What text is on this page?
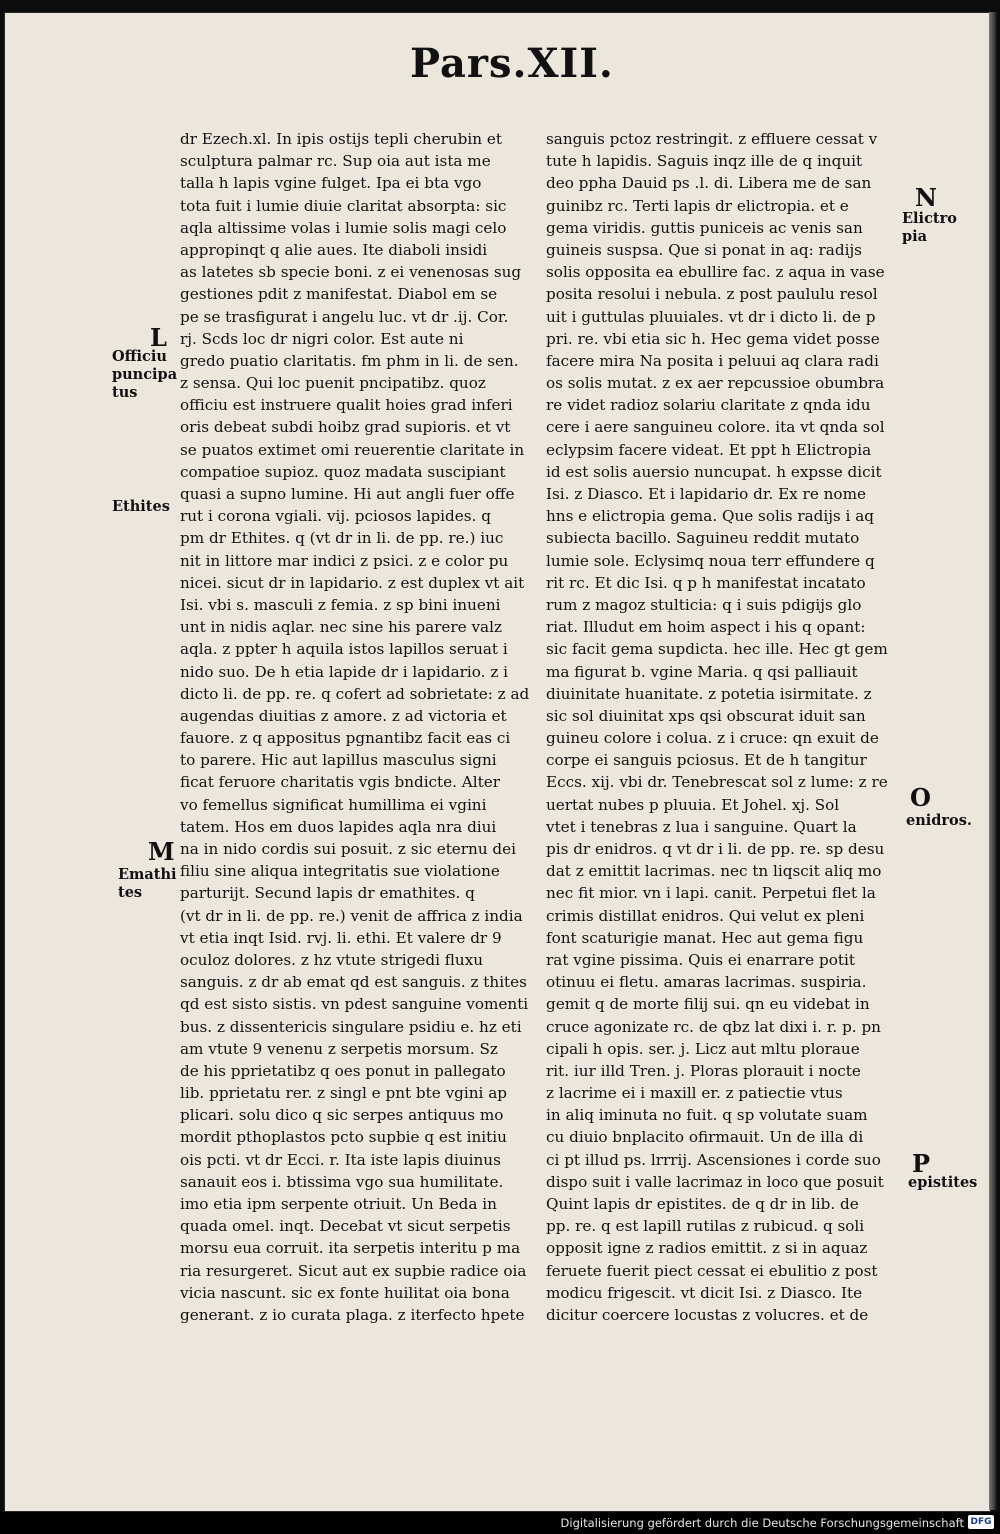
Pars.XII.
dr Ezech.xl. In ipis ostijs tepli cherubin et
sculptura palmar rc. Sup oia aut ista me
talla h lapis vgine fulget. Ipa ei bta vgo
tota fuit i lumie diuie claritat absorpta: sic
aqla altissime volas i lumie solis magi celo
appropinqt q alie aues. Ite diaboli insidi
as latetes sb specie boni. z ei venenosas sug
gestiones pdit z manifestat. Diabol em se
pe se trasfigurat i angelu luc. vt dr .ij. Cor.
rj. Scds loc dr nigri color. Est aute ni
gredo puatio claritatis. fm phm in li. de sen.
z sensa. Qui loc puenit pncipatibz. quoz
officiu est instruere qualit hoies grad inferi
oris debeat subdi hoibz grad supioris. et vt
se puatos extimet omi reuerentie claritate in
compatioe supioz. quoz madata suscipiant
quasi a supno lumine. Hi aut angli fuer offe
rut i corona vgiali. vij. pciosos lapides. q
pm dr Ethites. q (vt dr in li. de pp. re.) iuc
nit in littore mar indici z psici. z e color pu
nicei. sicut dr in lapidario. z est duplex vt ait
Isi. vbi s. masculi z femia. z sp bini inueni
unt in nidis aqlar. nec sine his parere valz
aqla. z ppter h aquila istos lapillos seruat i
nido suo. De h etia lapide dr i lapidario. z i
dicto li. de pp. re. q cofert ad sobrietate: z ad
augendas diuitias z amore. z ad victoria et
fauore. z q appositus pgnantibz facit eas ci
to parere. Hic aut lapillus masculus signi
ficat feruore charitatis vgis bndicte. Alter
vo femellus significat humillima ei vgini
tatem. Hos em duos lapides aqla nra diui
na in nido cordis sui posuit. z sic eternu dei
filiu sine aliqua integritatis sue violatione
parturijt. Secund lapis dr emathites. q
(vt dr in li. de pp. re.) venit de affrica z india
vt etia inqt Isid. rvj. li. ethi. Et valere dr 9
oculoz dolores. z hz vtute strigedi fluxu
sanguis. z dr ab emat qd est sanguis. z thites
qd est sisto sistis. vn pdest sanguine vomenti
bus. z dissentericis singulare psidiu e. hz eti
am vtute 9 venenu z serpetis morsum. Sz
de his pprietatibz q oes ponut in pallegato
lib. pprietatu rer. z singl e pnt bte vgini ap
plicari. solu dico q sic serpes antiquus mo
mordit pthoplastos pcto supbie q est initiu
ois pcti. vt dr Ecci. r. Ita iste lapis diuinus
sanauit eos i. btissima vgo sua humilitate.
imo etia ipm serpente otriuit. Un Beda in
quada omel. inqt. Decebat vt sicut serpetis
morsu eua corruit. ita serpetis interitu p ma
ria resurgeret. Sicut aut ex supbie radice oia
vicia nascunt. sic ex fonte huilitat oia bona
generant. z io curata plaga. z iterfecto hpete
sanguis pctoz restringit. z effluere cessat v
tute h lapidis. Saguis inqz ille de q inquit
deo ppha Dauid ps .l. di. Libera me de san
guinibz rc. Terti lapis dr elictropia. et e
gema viridis. guttis puniceis ac venis san
guineis suspsa. Que si ponat in aq: radijs
solis opposita ea ebullire fac. z aqua in vase
posita resolui i nebula. z post paululu resol
uit i guttulas pluuiales. vt dr i dicto li. de p
pri. re. vbi etia sic h. Hec gema videt posse
facere mira Na posita i peluui aq clara radi
os solis mutat. z ex aer repcussioe obumbra
re videt radioz solariu claritate z qnda idu
cere i aere sanguineu colore. ita vt qnda sol
eclypsim facere videat. Et ppt h Elictropia
id est solis auersio nuncupat. h expsse dicit
Isi. z Diasco. Et i lapidario dr. Ex re nome
hns e elictropia gema. Que solis radijs i aq
subiecta bacillo. Saguineu reddit mutato
lumie sole. Eclysimq noua terr effundere q
rit rc. Et dic Isi. q p h manifestat incatato
rum z magoz stulticia: q i suis pdigijs glo
riat. Illudut em hoim aspect i his q opant:
sic facit gema supdicta. hec ille. Hec gt gem
ma figurat b. vgine Maria. q qsi palliauit
diuinitate huanitate. z potetia isirmitate. z
sic sol diuinitat xps qsi obscurat iduit san
guineu colore i colua. z i cruce: qn exuit de
corpe ei sanguis pciosus. Et de h tangitur
Eccs. xij. vbi dr. Tenebrescat sol z lume: z re
uertat nubes p pluuia. Et Johel. xj. Sol
vtet i tenebras z lua i sanguine. Quart la
pis dr enidros. q vt dr i li. de pp. re. sp desu
dat z emittit lacrimas. nec tn liqscit aliq mo
nec fit mior. vn i lapi. canit. Perpetui flet la
crimis distillat enidros. Qui velut ex pleni
font scaturigie manat. Hec aut gema figu
rat vgine pissima. Quis ei enarrare potit
otinuu ei fletu. amaras lacrimas. suspiria.
gemit q de morte filij sui. qn eu videbat in
cruce agonizate rc. de qbz lat dixi i. r. p. pn
cipali h opis. ser. j. Licz aut mltu ploraue
rit. iur illd Tren. j. Ploras plorauit i nocte
z lacrime ei i maxill er. z patiectie vtus
in aliq iminuta no fuit. q sp volutate suam
cu diuio bnplacito ofirmauit. Un de illa di
ci pt illud ps. lrrrij. Ascensiones i corde suo
dispo suit i valle lacrimaz in loco que posuit
Quint lapis dr epistites. de q dr in lib. de
pp. re. q est lapill rutilas z rubicud. q soli
opposit igne z radios emittit. z si in aquaz
feruete fuerit piect cessat ei ebulitio z post
modicu frigescit. vt dicit Isi. z Diasco. Ite
dicitur coercere locustas z volucres. et de
L
Officiu
puncipa
tus
Ethites
M
Emathi
tes
N
Elictro
pia
O
enidros.
P
epistites
Digitalisierung gefördert durch die Deutsche Forschungsgemeinschaft DFG
